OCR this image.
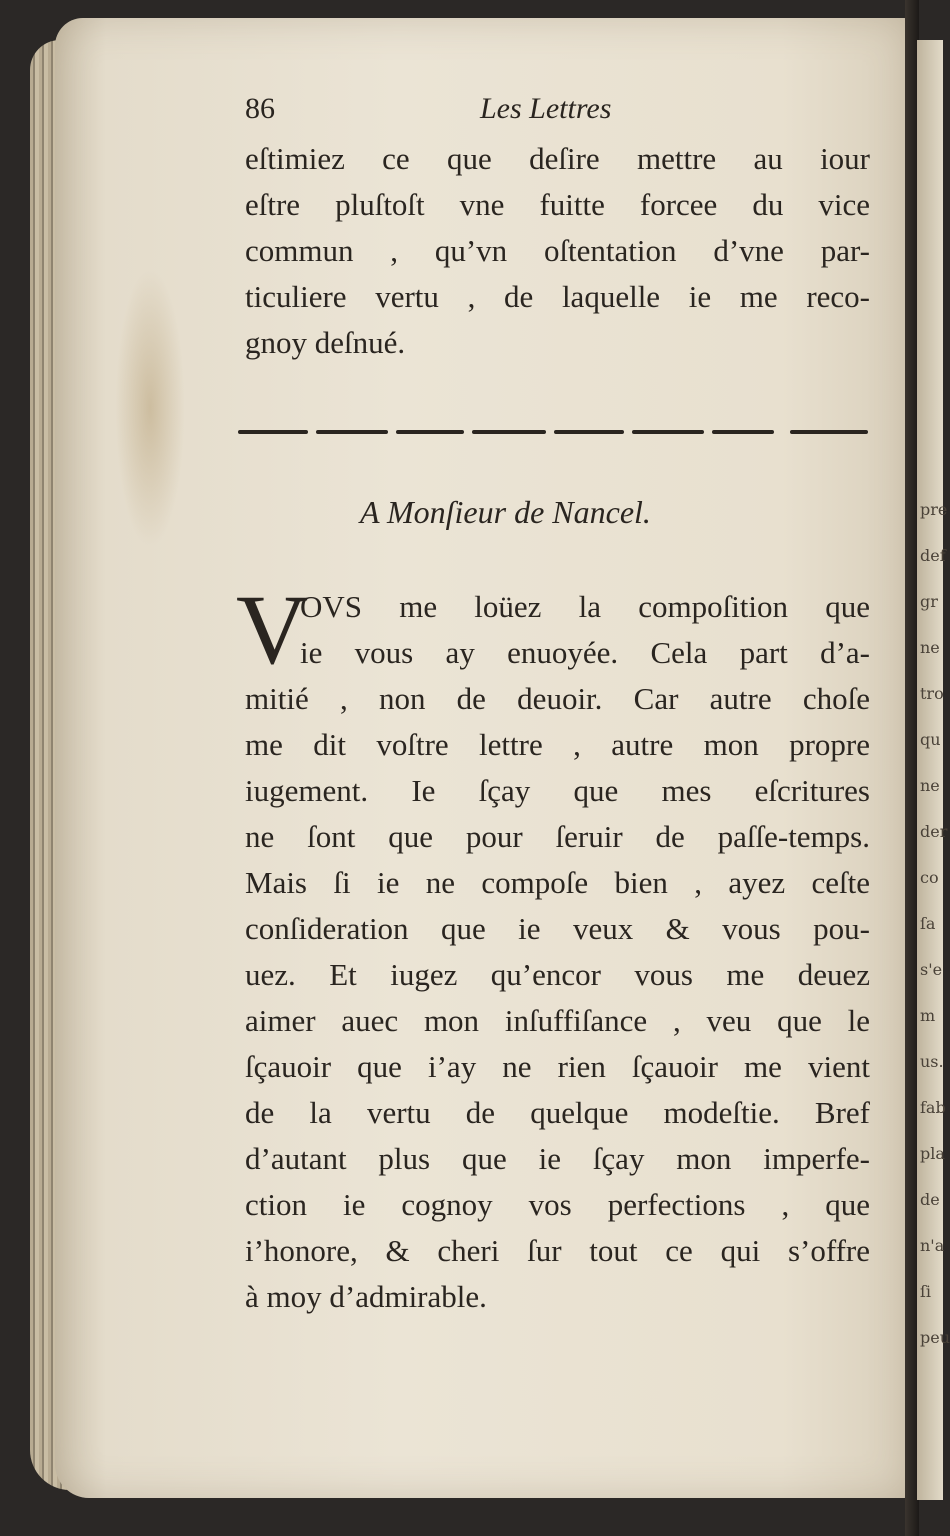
pre
def
gr
ne
tro
qu
ne
der
co
ſa
s'e
m
us.
fab
pla
de
n'a
ſi
peu
86	Les Lettres
eſtimiez ce que deſire mettre au iour
eſtre pluſtoſt vne fuitte forcee du vice
commun , qu’vn oſtentation d’vne par-
ticuliere vertu , de laquelle ie me reco-
gnoy deſnué.
A Monſieur de Nancel.
V
OVS me loüez la compoſition que
ie vous ay enuoyée. Cela part d’a-
mitié , non de deuoir. Car autre choſe
me dit voſtre lettre , autre mon propre
iugement. Ie ſçay que mes eſcritures
ne ſont que pour ſeruir de paſſe-temps.
Mais ſi ie ne compoſe bien , ayez ceſte
conſideration que ie veux & vous pou-
uez. Et iugez qu’encor vous me deuez
aimer auec mon inſuffiſance , veu que le
ſçauoir que i’ay ne rien ſçauoir me vient
de la vertu de quelque modeſtie. Bref
d’autant plus que ie ſçay mon imperfe-
ction ie cognoy vos perfections , que
i’honore, & cheri ſur tout ce qui s’offre
à moy d’admirable.
